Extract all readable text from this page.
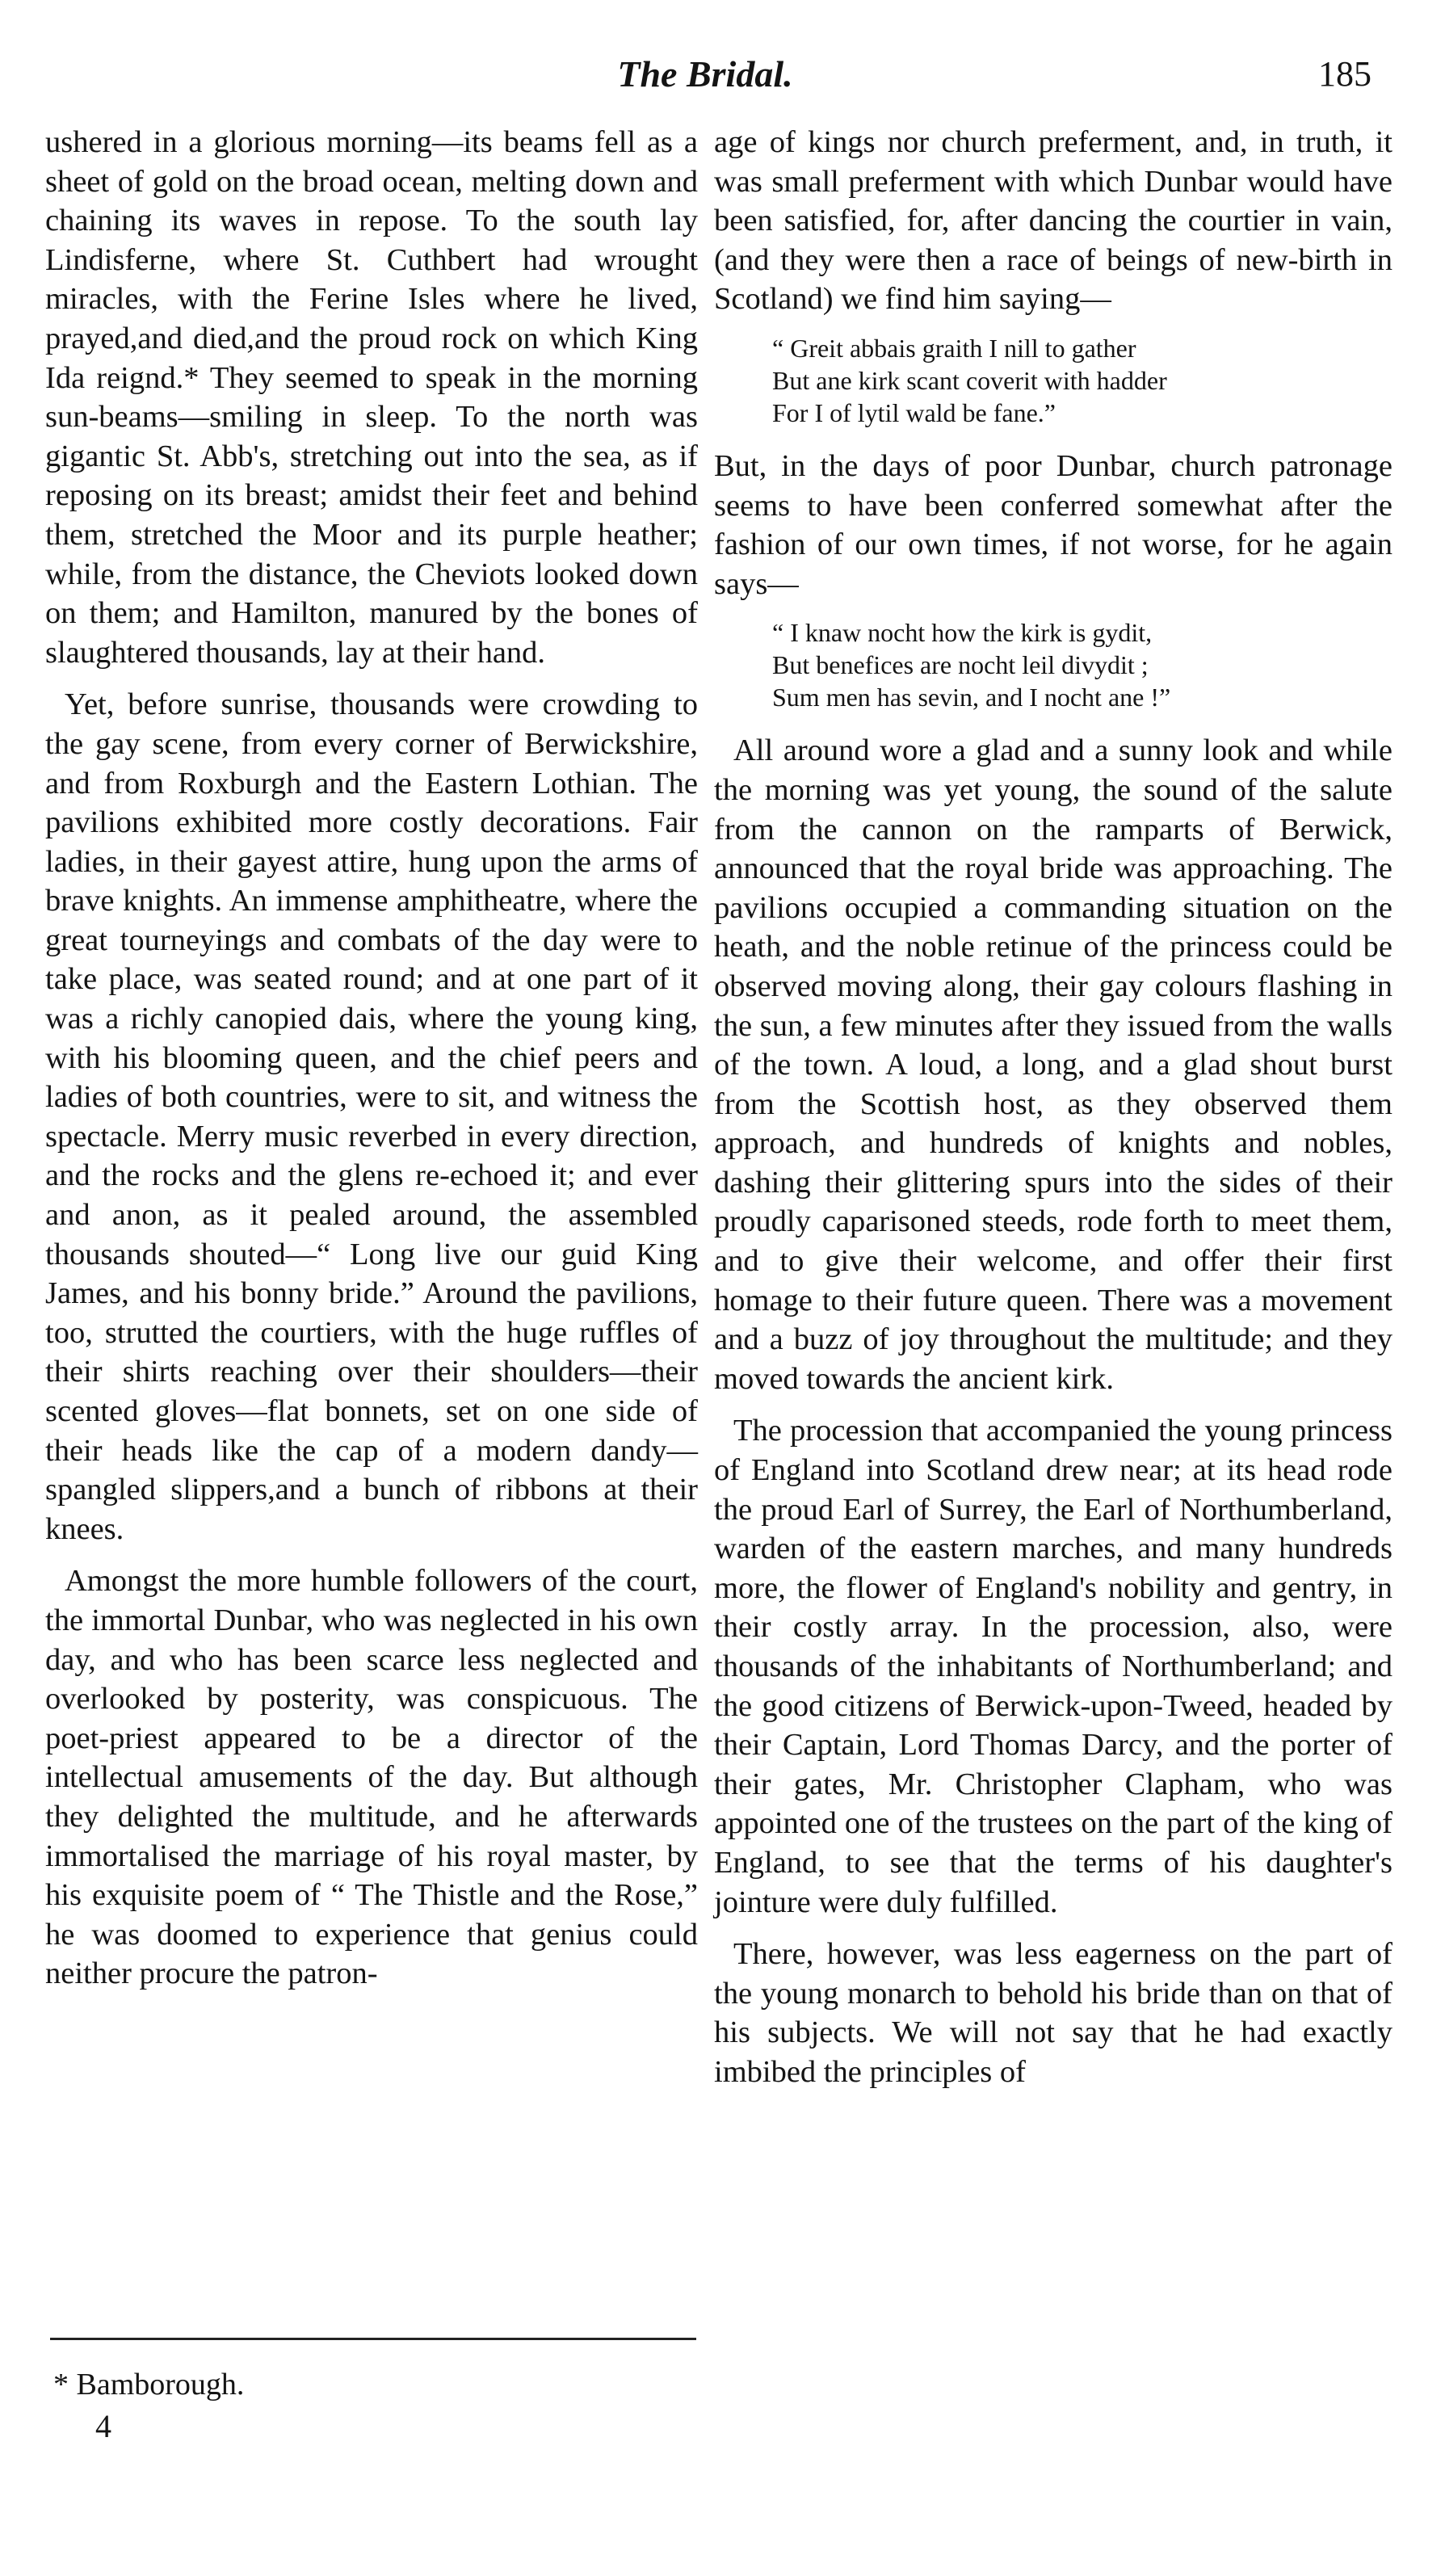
The Bridal.	185

ushered in a glorious morning—its beams fell as a sheet of gold on the broad ocean, melting down and chaining its waves in repose. To the south lay Lindisferne, where St. Cuthbert had wrought miracles, with the Ferine Isles where he lived, prayed,and died,and the proud rock on which King Ida reignd.* They seemed to speak in the morning sun-beams—smiling in sleep. To the north was gigantic St. Abb's, stretching out into the sea, as if reposing on its breast; amidst their feet and behind them, stretched the Moor and its purple heather; while, from the distance, the Cheviots looked down on them; and Hamilton, manured by the bones of slaughtered thousands, lay at their hand.

Yet, before sunrise, thousands were crowding to the gay scene, from every corner of Berwickshire, and from Roxburgh and the Eastern Lothian. The pavilions exhibited more costly decorations. Fair ladies, in their gayest attire, hung upon the arms of brave knights. An immense amphitheatre, where the great tourneyings and combats of the day were to take place, was seated round; and at one part of it was a richly canopied dais, where the young king, with his blooming queen, and the chief peers and ladies of both countries, were to sit, and witness the spectacle. Merry music reverbed in every direction, and the rocks and the glens re-echoed it; and ever and anon, as it pealed around, the assembled thousands shouted—“ Long live our guid King James, and his bonny bride.” Around the pavilions, too, strutted the courtiers, with the huge ruffles of their shirts reaching over their shoulders—their scented gloves—flat bonnets, set on one side of their heads like the cap of a modern dandy—spangled slippers,and a bunch of ribbons at their knees.

Amongst the more humble followers of the court, the immortal Dunbar, who was neglected in his own day, and who has been scarce less neglected and overlooked by posterity, was conspicuous. The poet-priest appeared to be a director of the intellectual amusements of the day. But although they delighted the multitude, and he afterwards immortalised the marriage of his royal master, by his exquisite poem of “ The Thistle and the Rose,” he was doomed to experience that genius could neither procure the patron-

age of kings nor church preferment, and, in truth, it was small preferment with which Dunbar would have been satisfied, for, after dancing the courtier in vain, (and they were then a race of beings of new-birth in Scotland) we find him saying—

“ Greit abbais graith I nill to gather
But ane kirk scant coverit with hadder
For I of lytil wald be fane.”

But, in the days of poor Dunbar, church patronage seems to have been conferred somewhat after the fashion of our own times, if not worse, for he again says—

“ I knaw nocht how the kirk is gydit,
But benefices are nocht leil divydit ;
Sum men has sevin, and I nocht ane !”

All around wore a glad and a sunny look and while the morning was yet young, the sound of the salute from the cannon on the ramparts of Berwick, announced that the royal bride was approaching. The pavilions occupied a commanding situation on the heath, and the noble retinue of the princess could be observed moving along, their gay colours flashing in the sun, a few minutes after they issued from the walls of the town. A loud, a long, and a glad shout burst from the Scottish host, as they observed them approach, and hundreds of knights and nobles, dashing their glittering spurs into the sides of their proudly caparisoned steeds, rode forth to meet them, and to give their welcome, and offer their first homage to their future queen. There was a movement and a buzz of joy throughout the multitude; and they moved towards the ancient kirk.

The procession that accompanied the young princess of England into Scotland drew near; at its head rode the proud Earl of Surrey, the Earl of Northumberland, warden of the eastern marches, and many hundreds more, the flower of England's nobility and gentry, in their costly array. In the procession, also, were thousands of the inhabitants of Northumberland; and the good citizens of Berwick-upon-Tweed, headed by their Captain, Lord Thomas Darcy, and the porter of their gates, Mr. Christopher Clapham, who was appointed one of the trustees on the part of the king of England, to see that the terms of his daughter's jointure were duly fulfilled.

There, however, was less eagerness on the part of the young monarch to behold his bride than on that of his subjects. We will not say that he had exactly imbibed the principles of

* Bamborough.
4
